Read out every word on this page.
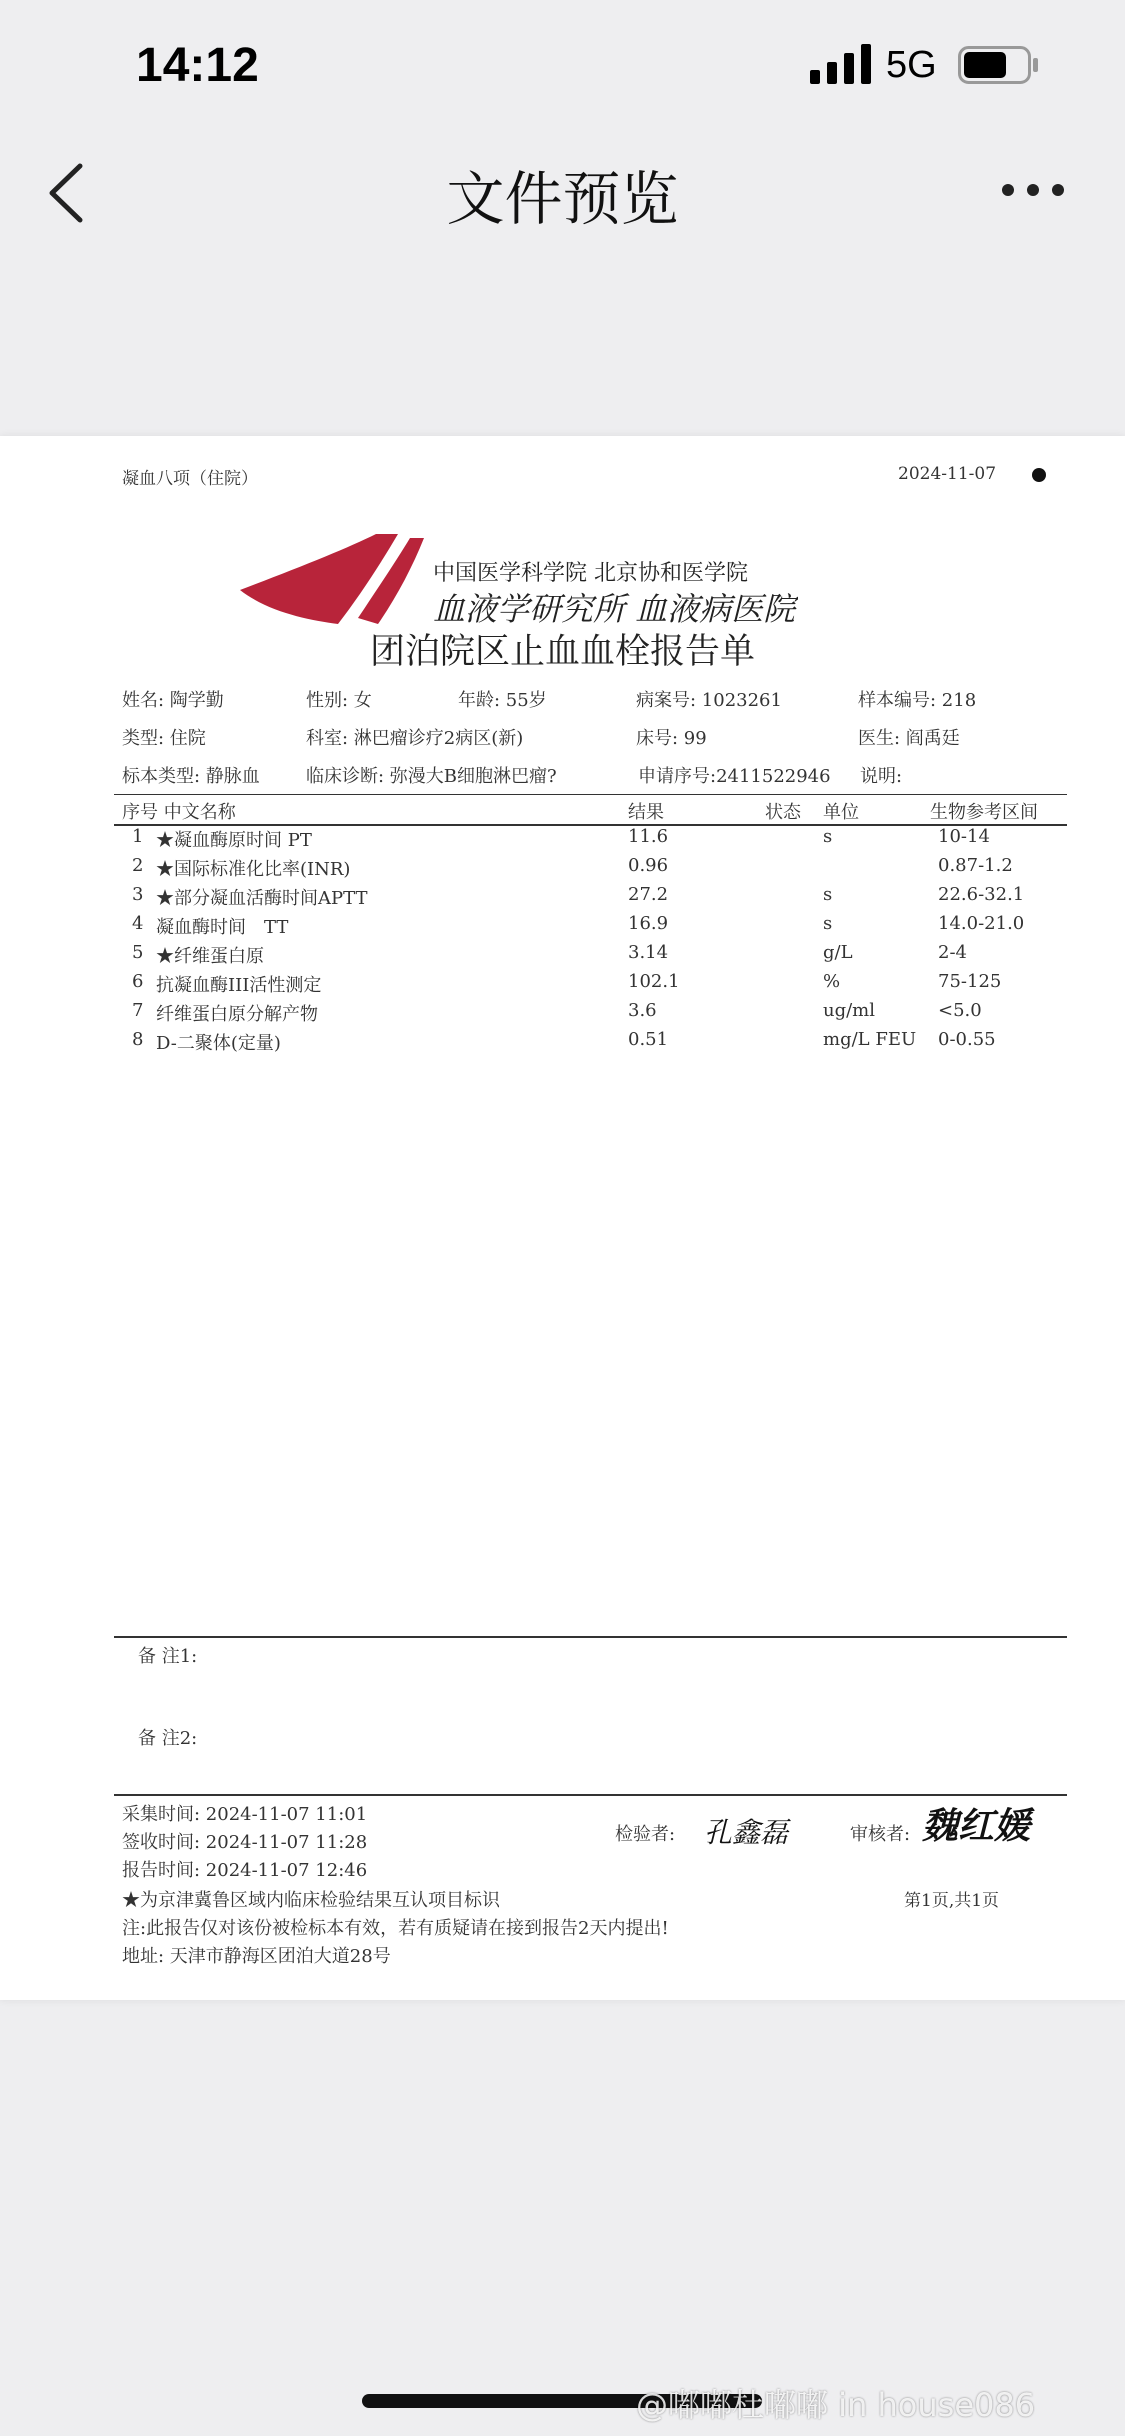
14:12	5G
文件预览
凝血八项（住院）	2024-11-07
中国医学科学院 北京协和医学院
血液学研究所 血液病医院
团泊院区止血血栓报告单
姓名: 陶学勤	性别: 女	年龄: 55岁	病案号: 1023261	样本编号: 218
类型: 住院	科室: 淋巴瘤诊疗2病区(新)	床号: 99	医生: 阎禹廷
标本类型: 静脉血	临床诊断: 弥漫大B细胞淋巴瘤?	申请序号:2411522946 说明:
序号 中文名称	结果	状态 单位	生物参考区间
1 ★凝血酶原时间 PT	11.6	s	10-14
2 ★国际标准化比率(INR)	0.96	0.87-1.2
3 ★部分凝血活酶时间APTT	27.2	s	22.6-32.1
4 凝血酶时间　TT	16.9	s	14.0-21.0
5 ★纤维蛋白原	3.14	g/L	2-4
6 抗凝血酶III活性测定	102.1	%	75-125
7 纤维蛋白原分解产物	3.6	ug/ml	<5.0
8 D-二聚体(定量)	0.51	mg/L FEU 0-0.55
备 注1:
备 注2:
采集时间: 2024-11-07 11:01
签收时间: 2024-11-07 11:28
报告时间: 2024-11-07 12:46
检验者: 孔鑫磊	审核者: 魏红媛
★为京津冀鲁区域内临床检验结果互认项目标识	第1页,共1页
注:此报告仅对该份被检标本有效，若有质疑请在接到报告2天内提出!
地址: 天津市静海区团泊大道28号
@嘟嘟杜嘟嘟 in house086
